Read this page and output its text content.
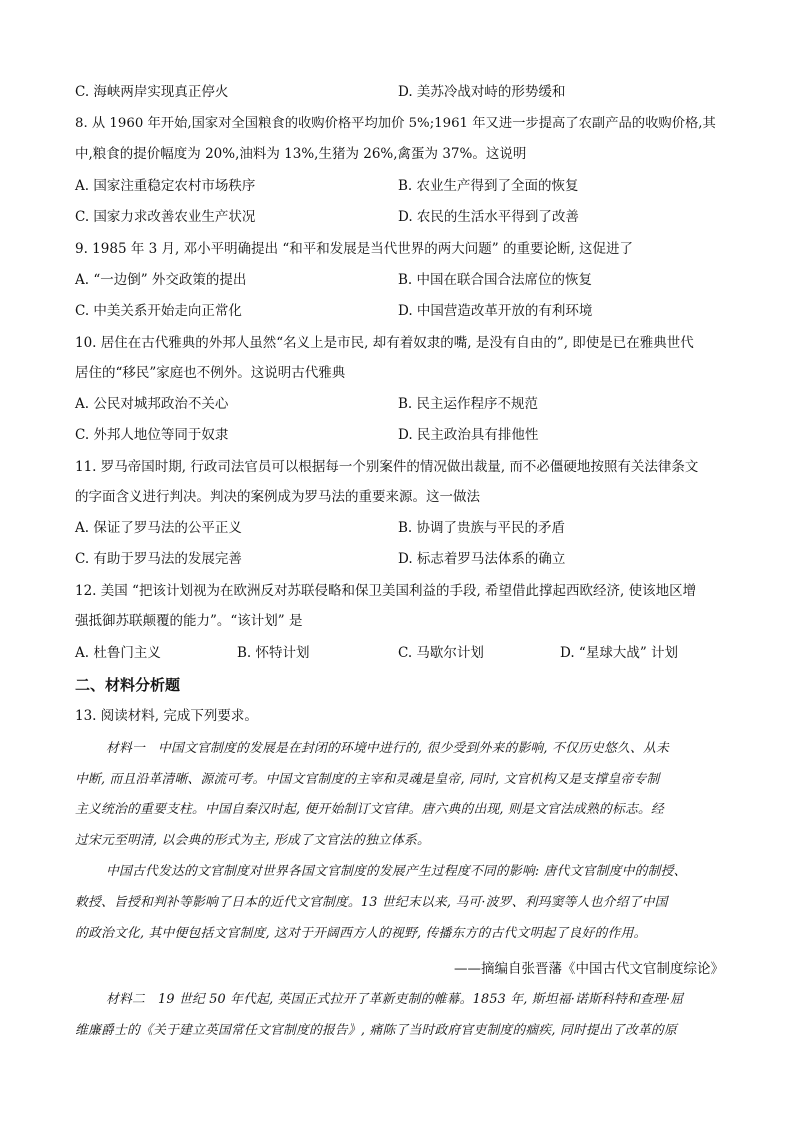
C. 海峡两岸实现真正停火	D. 美苏冷战对峙的形势缓和
8. 从 1960 年开始,国家对全国粮食的收购价格平均加价 5%;1961 年又进一步提高了农副产品的收购价格,其
中,粮食的提价幅度为 20%,油料为 13%,生猪为 26%,禽蛋为 37%。这说明
A. 国家注重稳定农村市场秩序	B. 农业生产得到了全面的恢复
C. 国家力求改善农业生产状况	D. 农民的生活水平得到了改善
9. 1985 年 3 月, 邓小平明确提出 “和平和发展是当代世界的两大问题” 的重要论断, 这促进了
A. “一边倒” 外交政策的提出	B. 中国在联合国合法席位的恢复
C. 中美关系开始走向正常化	D. 中国营造改革开放的有利环境
10. 居住在古代雅典的外邦人虽然“名义上是市民, 却有着奴隶的嘴, 是没有自由的”, 即使是已在雅典世代
居住的“移民”家庭也不例外。这说明古代雅典
A. 公民对城邦政治不关心	B. 民主运作程序不规范
C. 外邦人地位等同于奴隶	D. 民主政治具有排他性
11. 罗马帝国时期, 行政司法官员可以根据每一个别案件的情况做出裁量, 而不必僵硬地按照有关法律条文
的字面含义进行判决。判决的案例成为罗马法的重要来源。这一做法
A. 保证了罗马法的公平正义	B. 协调了贵族与平民的矛盾
C. 有助于罗马法的发展完善	D. 标志着罗马法体系的确立
12. 美国 “把该计划视为在欧洲反对苏联侵略和保卫美国利益的手段, 希望借此撑起西欧经济, 使该地区增
强抵御苏联颠覆的能力”。“该计划” 是
A. 杜鲁门主义	B. 怀特计划	C. 马歇尔计划	D. “星球大战” 计划
二、材料分析题
13. 阅读材料, 完成下列要求。
材料一　中国文官制度的发展是在封闭的环境中进行的, 很少受到外来的影响, 不仅历史悠久、从未
中断, 而且沿革清晰、源流可考。中国文官制度的主宰和灵魂是皇帝, 同时, 文官机构又是支撑皇帝专制
主义统治的重要支柱。中国自秦汉时起, 便开始制订文官律。唐六典的出现, 则是文官法成熟的标志。经
过宋元至明清, 以会典的形式为主, 形成了文官法的独立体系。
中国古代发达的文官制度对世界各国文官制度的发展产生过程度不同的影响: 唐代文官制度中的制授、
敕授、旨授和判补等影响了日本的近代文官制度。13 世纪末以来, 马可·波罗、利玛窦等人也介绍了中国
的政治文化, 其中便包括文官制度, 这对于开阔西方人的视野, 传播东方的古代文明起了良好的作用。
——摘编自张晋藩《中国古代文官制度综论》
材料二　19 世纪 50 年代起, 英国正式拉开了革新吏制的帷幕。1853 年, 斯坦福·诺斯科特和查理·屈
维廉爵士的《关于建立英国常任文官制度的报告》, 痛陈了当时政府官吏制度的痼疾, 同时提出了改革的原
